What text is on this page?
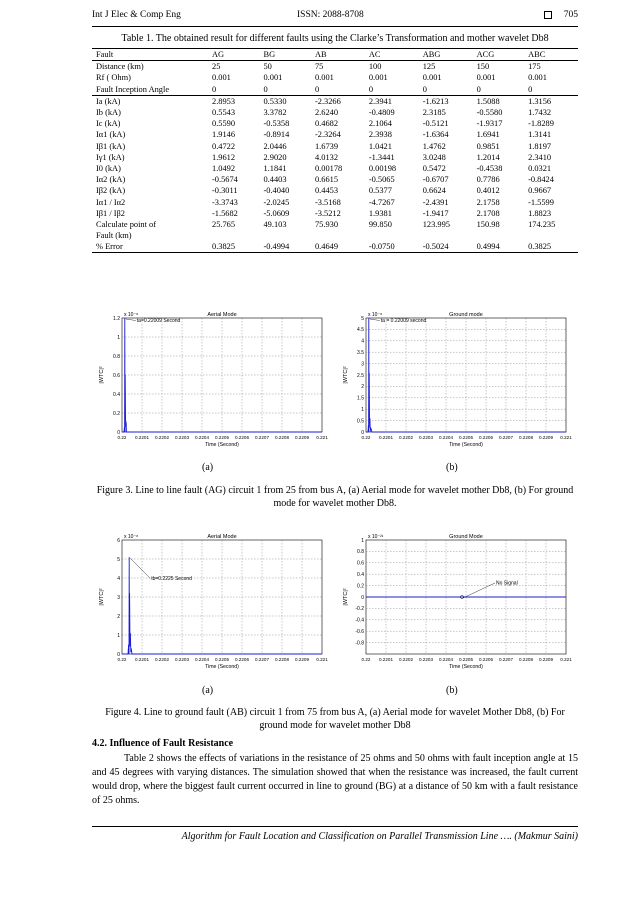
Int J Elec & Comp Eng	ISSN: 2088-8708	705
Table 1. The obtained result for different faults using the Clarke’s Transformation and mother wavelet Db8
Fault	AG	BG	AB	AC	ABG	ACG	ABC
Distance (km)	25	50	75	100	125	150	175
Rf ( Ohm)	0.001	0.001	0.001	0.001	0.001	0.001	0.001
Fault Inception Angle	0	0	0	0	0	0	0
Ia (kA)	2.8953	0.5330	-2.3266	2.3941	-1.6213	1.5088	1.3156
Ib (kA)	0.5543	3.3782	2.6240	-0.4809	2.3185	-0.5580	1.7432
Ic (kA)	0.5590	-0.5358	0.4682	2.1064	-0.5121	-1.9317	-1.8289
Iα1 (kA)	1.9146	-0.8914	-2.3264	2.3938	-1.6364	1.6941	1.3141
Iβ1 (kA)	0.4722	2.0446	1.6739	1.0421	1.4762	0.9851	1.8197
Iγ1 (kA)	1.9612	2.9020	4.0132	-1.3441	3.0248	1.2014	2.3410
I0 (kA)	1.0492	1.1841	0.00178	0.00198	0.5472	-0.4538	0.0321
Iα2 (kA)	-0.5674	0.4403	0.6615	-0.5065	-0.6707	0.7786	-0.8424
Iβ2 (kA)	-0.3011	-0.4040	0.4453	0.5377	0.6624	0.4012	0.9667
Iα1 / Iα2	-3.3743	-2.0245	-3.5168	-4.7267	-2.4391	2.1758	-1.5599
Iβ1 / Iβ2	-1.5682	-5.0609	-3.5212	1.9381	-1.9417	2.1708	1.8823
Calculate point of	25.765	49.103	75.930	99.850	123.995	150.98	174.235
Fault (km)							
% Error	0.3825	-0.4994	0.4649	-0.0750	-0.5024	0.4994	0.3825
0.22 0.2201 0.2202 0.2203 0.2204 0.2205 0.2206 0.2207 0.2208 0.2209 0.221
0
0.2
0.4
0.6
0.8
1
1.2
Aerial Mode
x 10⁻⁸
Time (Second)
|WTC|²
ta=0.22009 Second
0.22 0.2201 0.2202 0.2203 0.2204 0.2205 0.2206 0.2207 0.2208 0.2209 0.221
0
0.5
1
1.5
2
2.5
3
3.5
4
4.5
5
Ground mode
x 10⁻⁸
Time (Second)
|WTC|²
ta = 0.22009 second
(a)	(b)
Figure 3. Line to line fault (AG) circuit 1 from 25 from bus A, (a) Aerial mode for wavelet mother Db8, (b) For ground mode for wavelet mother Db8.
0.22 0.2201 0.2202 0.2203 0.2204 0.2205 0.2206 0.2207 0.2208 0.2209 0.221
0
1
2
3
4
5
6
Aerial Mode
x 10⁻⁸
Time (Second)
|WTC|²
tb=0.2225 Second
0.22 0.2201 0.2202 0.2203 0.2204 0.2205 0.2206 0.2207 0.2208 0.2209 0.221
-0.8
-0.6
-0.4
-0.2
0
0.2
0.4
0.6
0.8
1
Ground Mode
x 10⁻²¹
Time (Second)
|WTC|²
No Signal
(a)	(b)
Figure 4. Line to ground fault (AB) circuit 1 from 75 from bus A, (a) Aerial mode for wavelet Mother Db8, (b) For ground mode for wavelet mother Db8
4.2. Influence of Fault Resistance
Table 2 shows the effects of variations in the resistance of 25 ohms and 50 ohms with fault inception angle at 15 and 45 degrees with varying distances. The simulation showed that when the resistance was increased, the fault current would drop, where the biggest fault current occurred in line to ground (BG) at a distance of 50 km with a fault resistance of 25 ohms.
Algorithm for Fault Location and Classification on Parallel Transmission Line …. (Makmur Saini)
